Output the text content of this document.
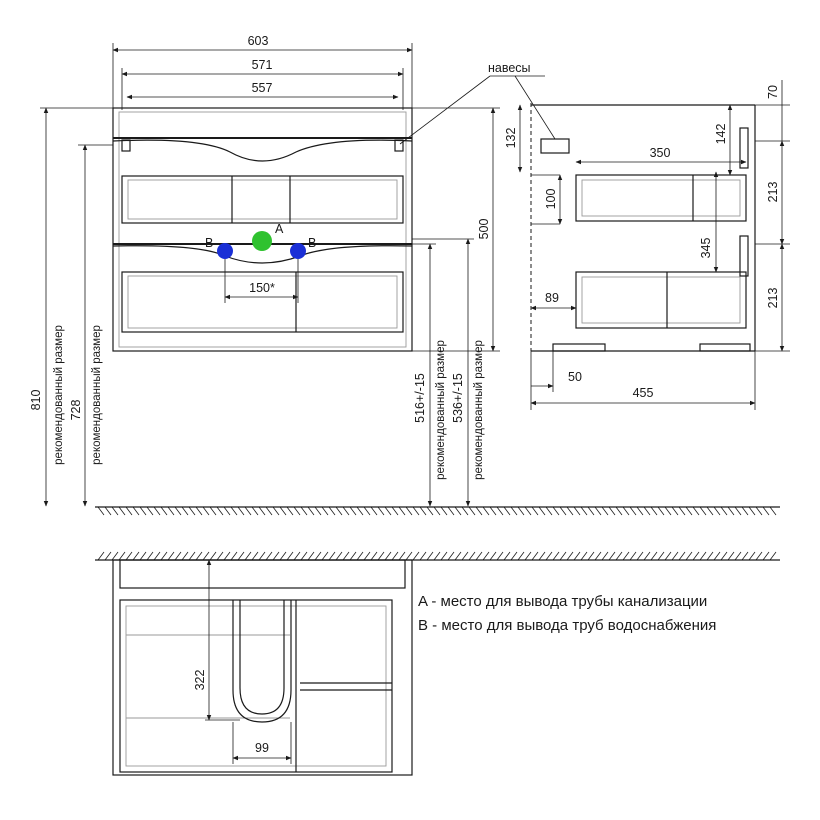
603
571
557
A
B	B
150*
500
810 рекомендованный размер 728 рекомендованный размер	516+/-15 рекомендованный размер 536+/-15 рекомендованный размер
навесы
70
132	142
350
100	213
345
89	213
50
455
322
99
A - место для вывода трубы канализации
B - место для вывода труб водоснабжения
